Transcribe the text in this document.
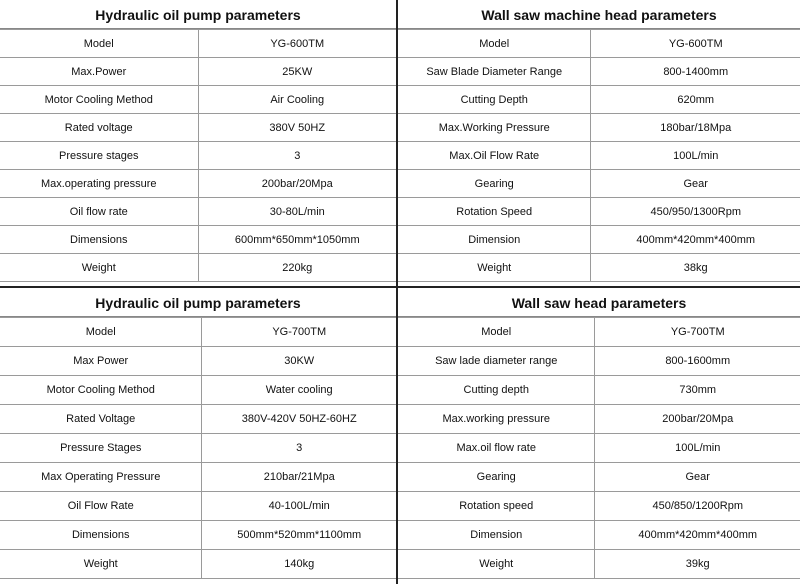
Hydraulic oil pump parameters
Model	YG-600TM
Max.Power	25KW
Motor Cooling Method	Air Cooling
Rated voltage	380V 50HZ
Pressure stages	3
Max.operating pressure	200bar/20Mpa
Oil flow rate	30-80L/min
Dimensions	600mm*650mm*1050mm
Weight	220kg
Wall saw machine head parameters
Model	YG-600TM
Saw Blade Diameter Range	800-1400mm
Cutting Depth	620mm
Max.Working Pressure	180bar/18Mpa
Max.Oil Flow Rate	100L/min
Gearing	Gear
Rotation Speed	450/950/1300Rpm
Dimension	400mm*420mm*400mm
Weight	38kg
Hydraulic oil pump parameters
Model	YG-700TM
Max Power	30KW
Motor Cooling Method	Water cooling
Rated Voltage	380V-420V 50HZ-60HZ
Pressure Stages	3
Max Operating Pressure	210bar/21Mpa
Oil Flow Rate	40-100L/min
Dimensions	500mm*520mm*1100mm
Weight	140kg
Wall saw head parameters
Model	YG-700TM
Saw lade diameter range	800-1600mm
Cutting depth	730mm
Max.working pressure	200bar/20Mpa
Max.oil flow rate	100L/min
Gearing	Gear
Rotation speed	450/850/1200Rpm
Dimension	400mm*420mm*400mm
Weight	39kg
